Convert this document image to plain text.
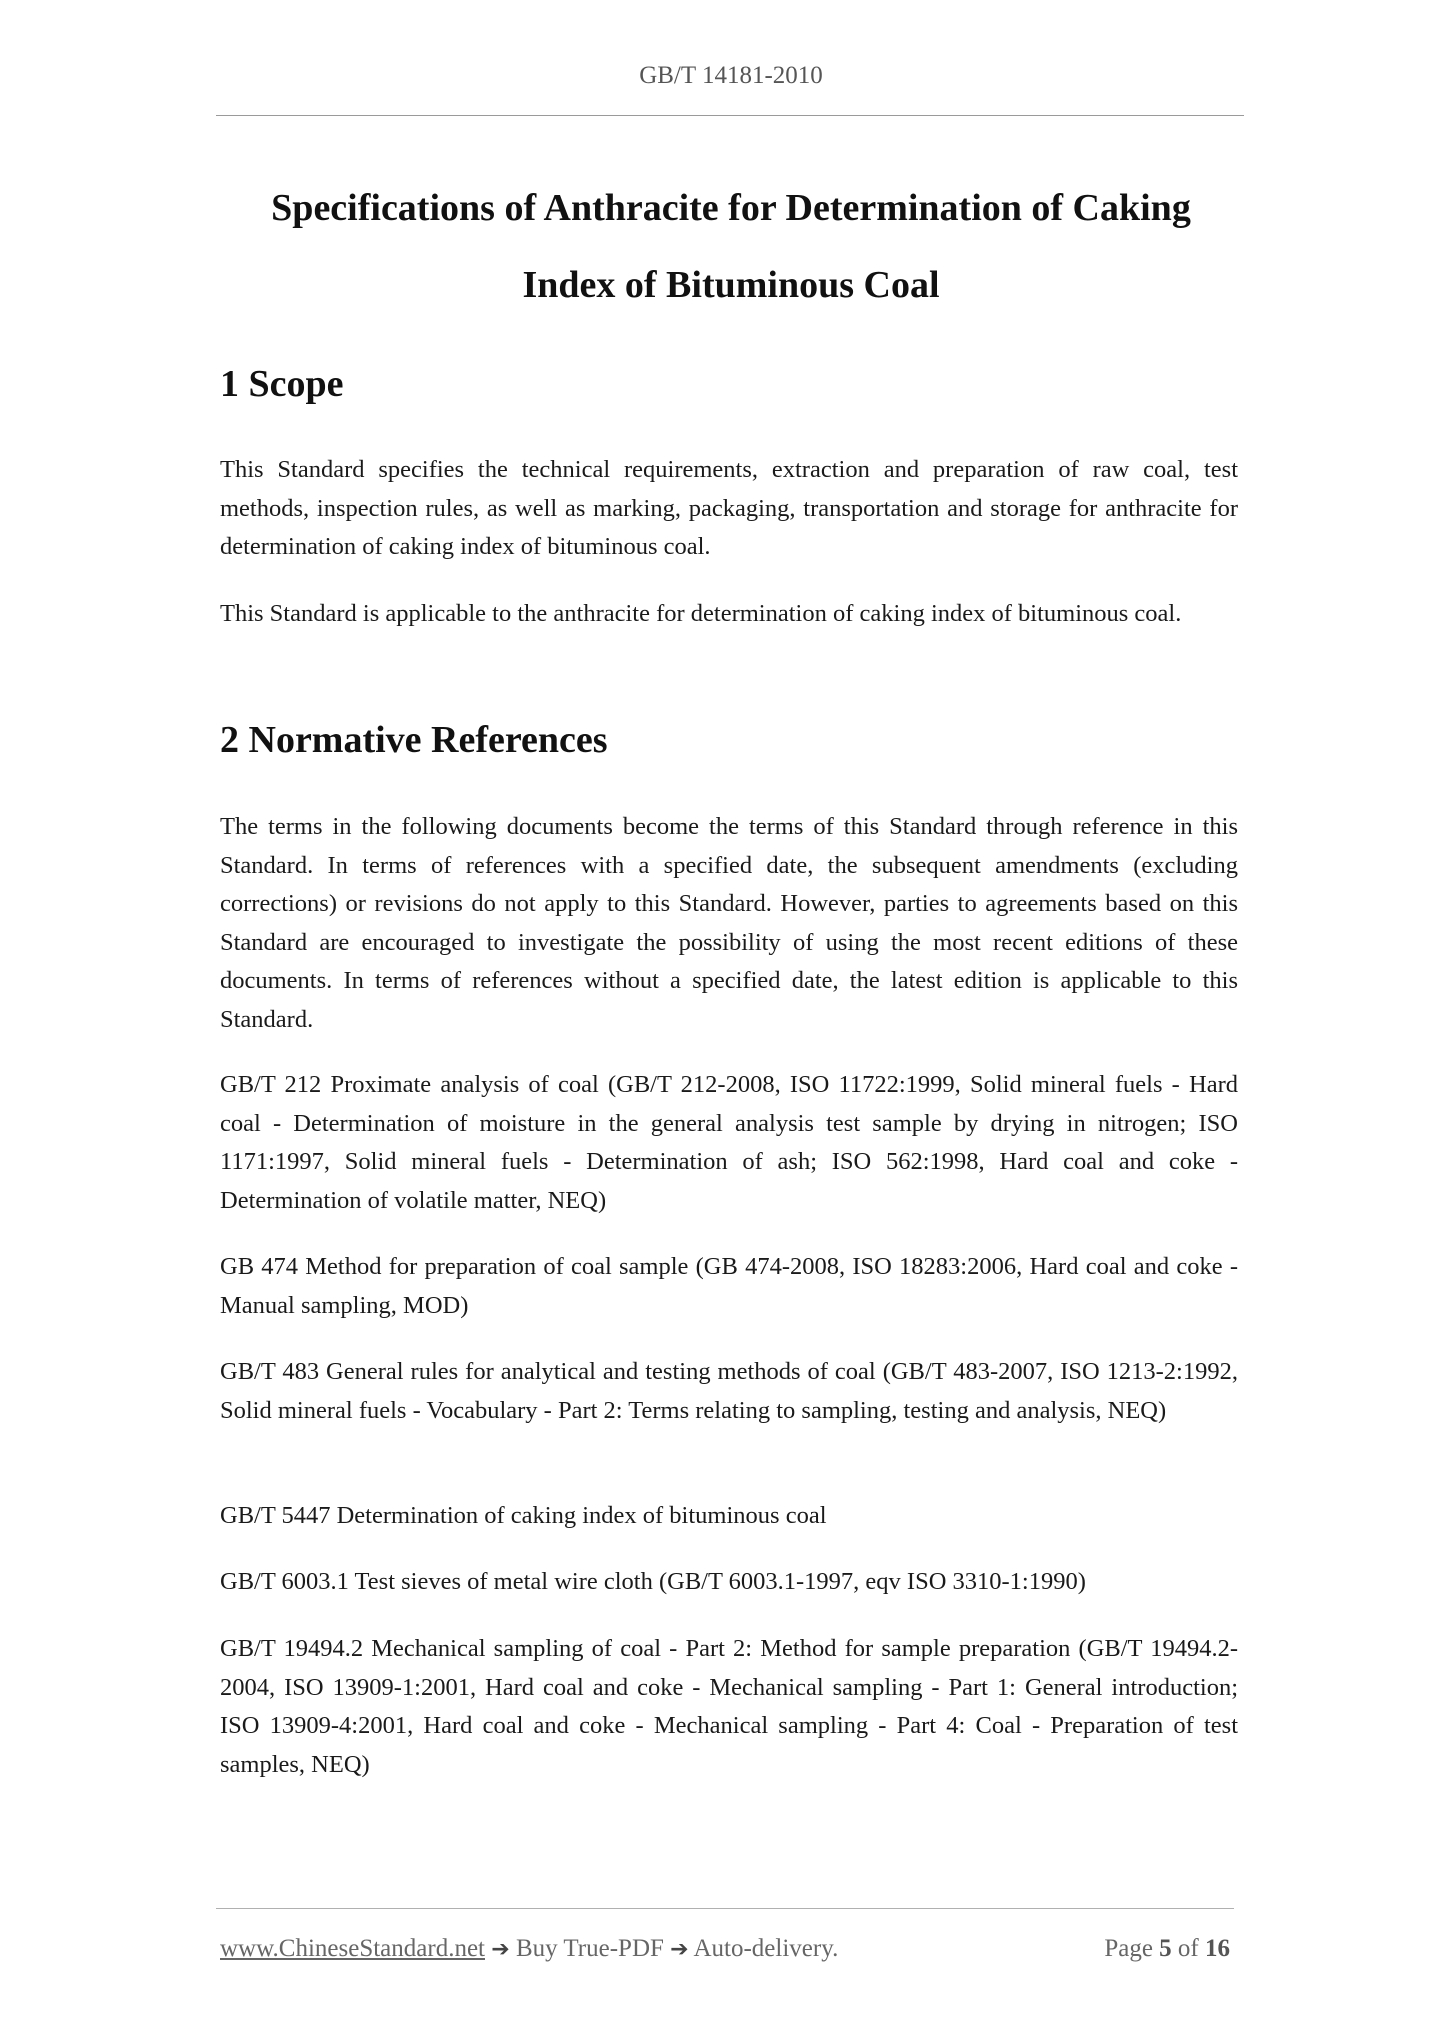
GB/T 14181-2010
Specifications of Anthracite for Determination of Caking
Index of Bituminous Coal
1 Scope

This Standard specifies the technical requirements, extraction and preparation of raw coal, test methods, inspection rules, as well as marking, packaging, transportation and storage for anthracite for determination of caking index of bituminous coal.

This Standard is applicable to the anthracite for determination of caking index of bituminous coal.

2 Normative References

The terms in the following documents become the terms of this Standard through reference in this Standard. In terms of references with a specified date, the subsequent amendments (excluding corrections) or revisions do not apply to this Standard. However, parties to agreements based on this Standard are encouraged to investigate the possibility of using the most recent editions of these documents. In terms of references without a specified date, the latest edition is applicable to this Standard.

GB/T 212 Proximate analysis of coal (GB/T 212-2008, ISO 11722:1999, Solid mineral fuels - Hard coal - Determination of moisture in the general analysis test sample by drying in nitrogen; ISO 1171:1997, Solid mineral fuels - Determination of ash; ISO 562:1998, Hard coal and coke - Determination of volatile matter, NEQ)

GB 474 Method for preparation of coal sample (GB 474-2008, ISO 18283:2006, Hard coal and coke - Manual sampling, MOD)

GB/T 483 General rules for analytical and testing methods of coal (GB/T 483-2007, ISO 1213-2:1992, Solid mineral fuels - Vocabulary - Part 2: Terms relating to sampling, testing and analysis, NEQ)

GB/T 5447 Determination of caking index of bituminous coal

GB/T 6003.1 Test sieves of metal wire cloth (GB/T 6003.1-1997, eqv ISO 3310-1:1990)

GB/T 19494.2 Mechanical sampling of coal - Part 2: Method for sample preparation (GB/T 19494.2-2004, ISO 13909-1:2001, Hard coal and coke - Mechanical sampling - Part 1: General introduction; ISO 13909-4:2001, Hard coal and coke - Mechanical sampling - Part 4: Coal - Preparation of test samples, NEQ)

www.ChineseStandard.net ➔ Buy True-PDF ➔ Auto-delivery.	Page 5 of 16
